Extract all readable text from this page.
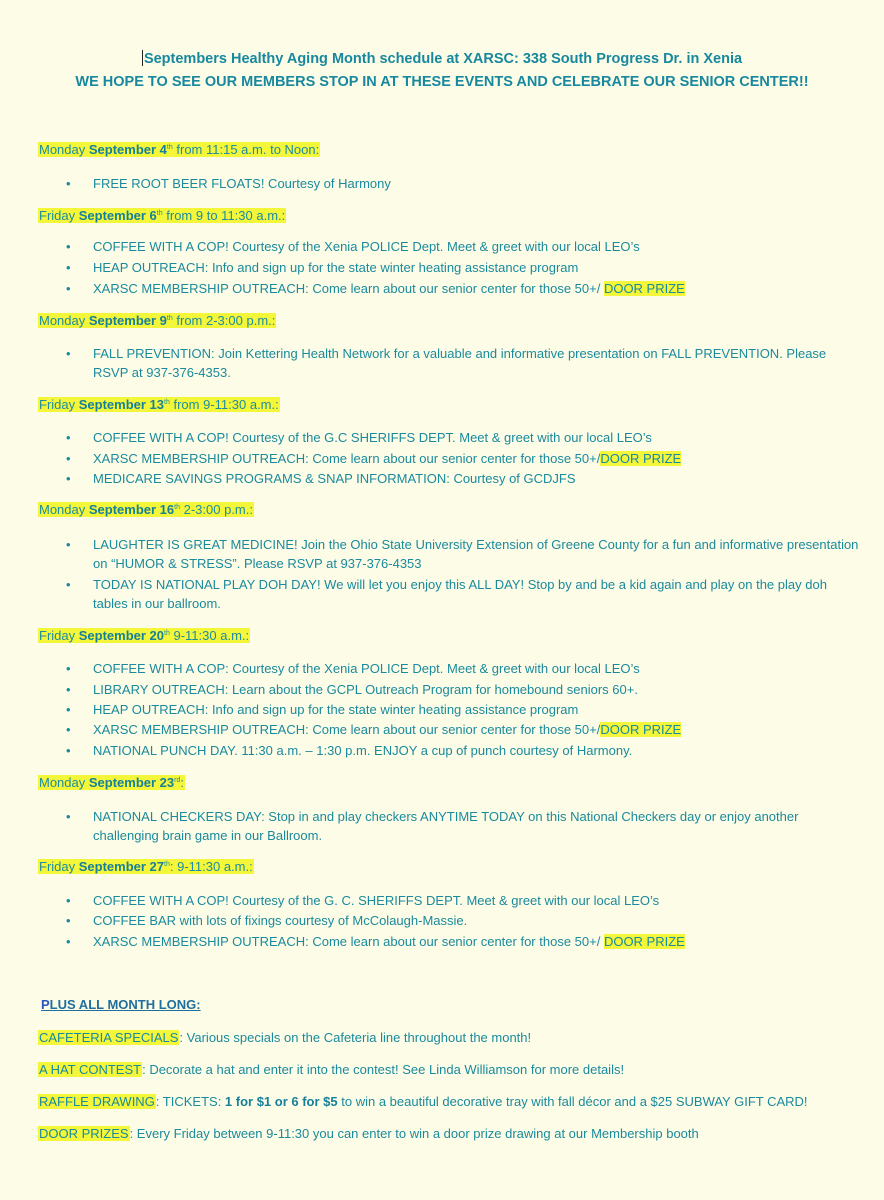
Septembers Healthy Aging Month schedule at XARSC: 338 South Progress Dr. in Xenia
WE HOPE TO SEE OUR MEMBERS STOP IN AT THESE EVENTS AND CELEBRATE OUR SENIOR CENTER!!
Monday September 4th from 11:15 a.m. to Noon:
• FREE ROOT BEER FLOATS! Courtesy of Harmony
Friday September 6th from 9 to 11:30 a.m.:
• COFFEE WITH A COP! Courtesy of the Xenia POLICE Dept. Meet & greet with our local LEO’s
• HEAP OUTREACH: Info and sign up for the state winter heating assistance program
• XARSC MEMBERSHIP OUTREACH: Come learn about our senior center for those 50+/ DOOR PRIZE
Monday September 9th from 2-3:00 p.m.:
• FALL PREVENTION: Join Kettering Health Network for a valuable and informative presentation on FALL PREVENTION. Please RSVP at 937-376-4353.
Friday September 13th from 9-11:30 a.m.:
• COFFEE WITH A COP! Courtesy of the G.C SHERIFFS DEPT. Meet & greet with our local LEO’s
• XARSC MEMBERSHIP OUTREACH: Come learn about our senior center for those 50+/DOOR PRIZE
• MEDICARE SAVINGS PROGRAMS & SNAP INFORMATION: Courtesy of GCDJFS
Monday September 16th 2-3:00 p.m.:
• LAUGHTER IS GREAT MEDICINE! Join the Ohio State University Extension of Greene County for a fun and informative presentation on “HUMOR & STRESS”. Please RSVP at 937-376-4353
• TODAY IS NATIONAL PLAY DOH DAY! We will let you enjoy this ALL DAY! Stop by and be a kid again and play on the play doh tables in our ballroom.
Friday September 20th 9-11:30 a.m.:
• COFFEE WITH A COP: Courtesy of the Xenia POLICE Dept. Meet & greet with our local LEO’s
• LIBRARY OUTREACH: Learn about the GCPL Outreach Program for homebound seniors 60+.
• HEAP OUTREACH: Info and sign up for the state winter heating assistance program
• XARSC MEMBERSHIP OUTREACH: Come learn about our senior center for those 50+/DOOR PRIZE
• NATIONAL PUNCH DAY. 11:30 a.m. – 1:30 p.m. ENJOY a cup of punch courtesy of Harmony.
Monday September 23rd:
• NATIONAL CHECKERS DAY: Stop in and play checkers ANYTIME TODAY on this National Checkers day or enjoy another challenging brain game in our Ballroom.
Friday September 27th: 9-11:30 a.m.:
• COFFEE WITH A COP! Courtesy of the G. C. SHERIFFS DEPT. Meet & greet with our local LEO’s
• COFFEE BAR with lots of fixings courtesy of McColaugh-Massie.
• XARSC MEMBERSHIP OUTREACH: Come learn about our senior center for those 50+/ DOOR PRIZE
PLUS ALL MONTH LONG:
CAFETERIA SPECIALS: Various specials on the Cafeteria line throughout the month!
A HAT CONTEST: Decorate a hat and enter it into the contest! See Linda Williamson for more details!
RAFFLE DRAWING: TICKETS: 1 for $1 or 6 for $5 to win a beautiful decorative tray with fall décor and a $25 SUBWAY GIFT CARD!
DOOR PRIZES: Every Friday between 9-11:30 you can enter to win a door prize drawing at our Membership booth
